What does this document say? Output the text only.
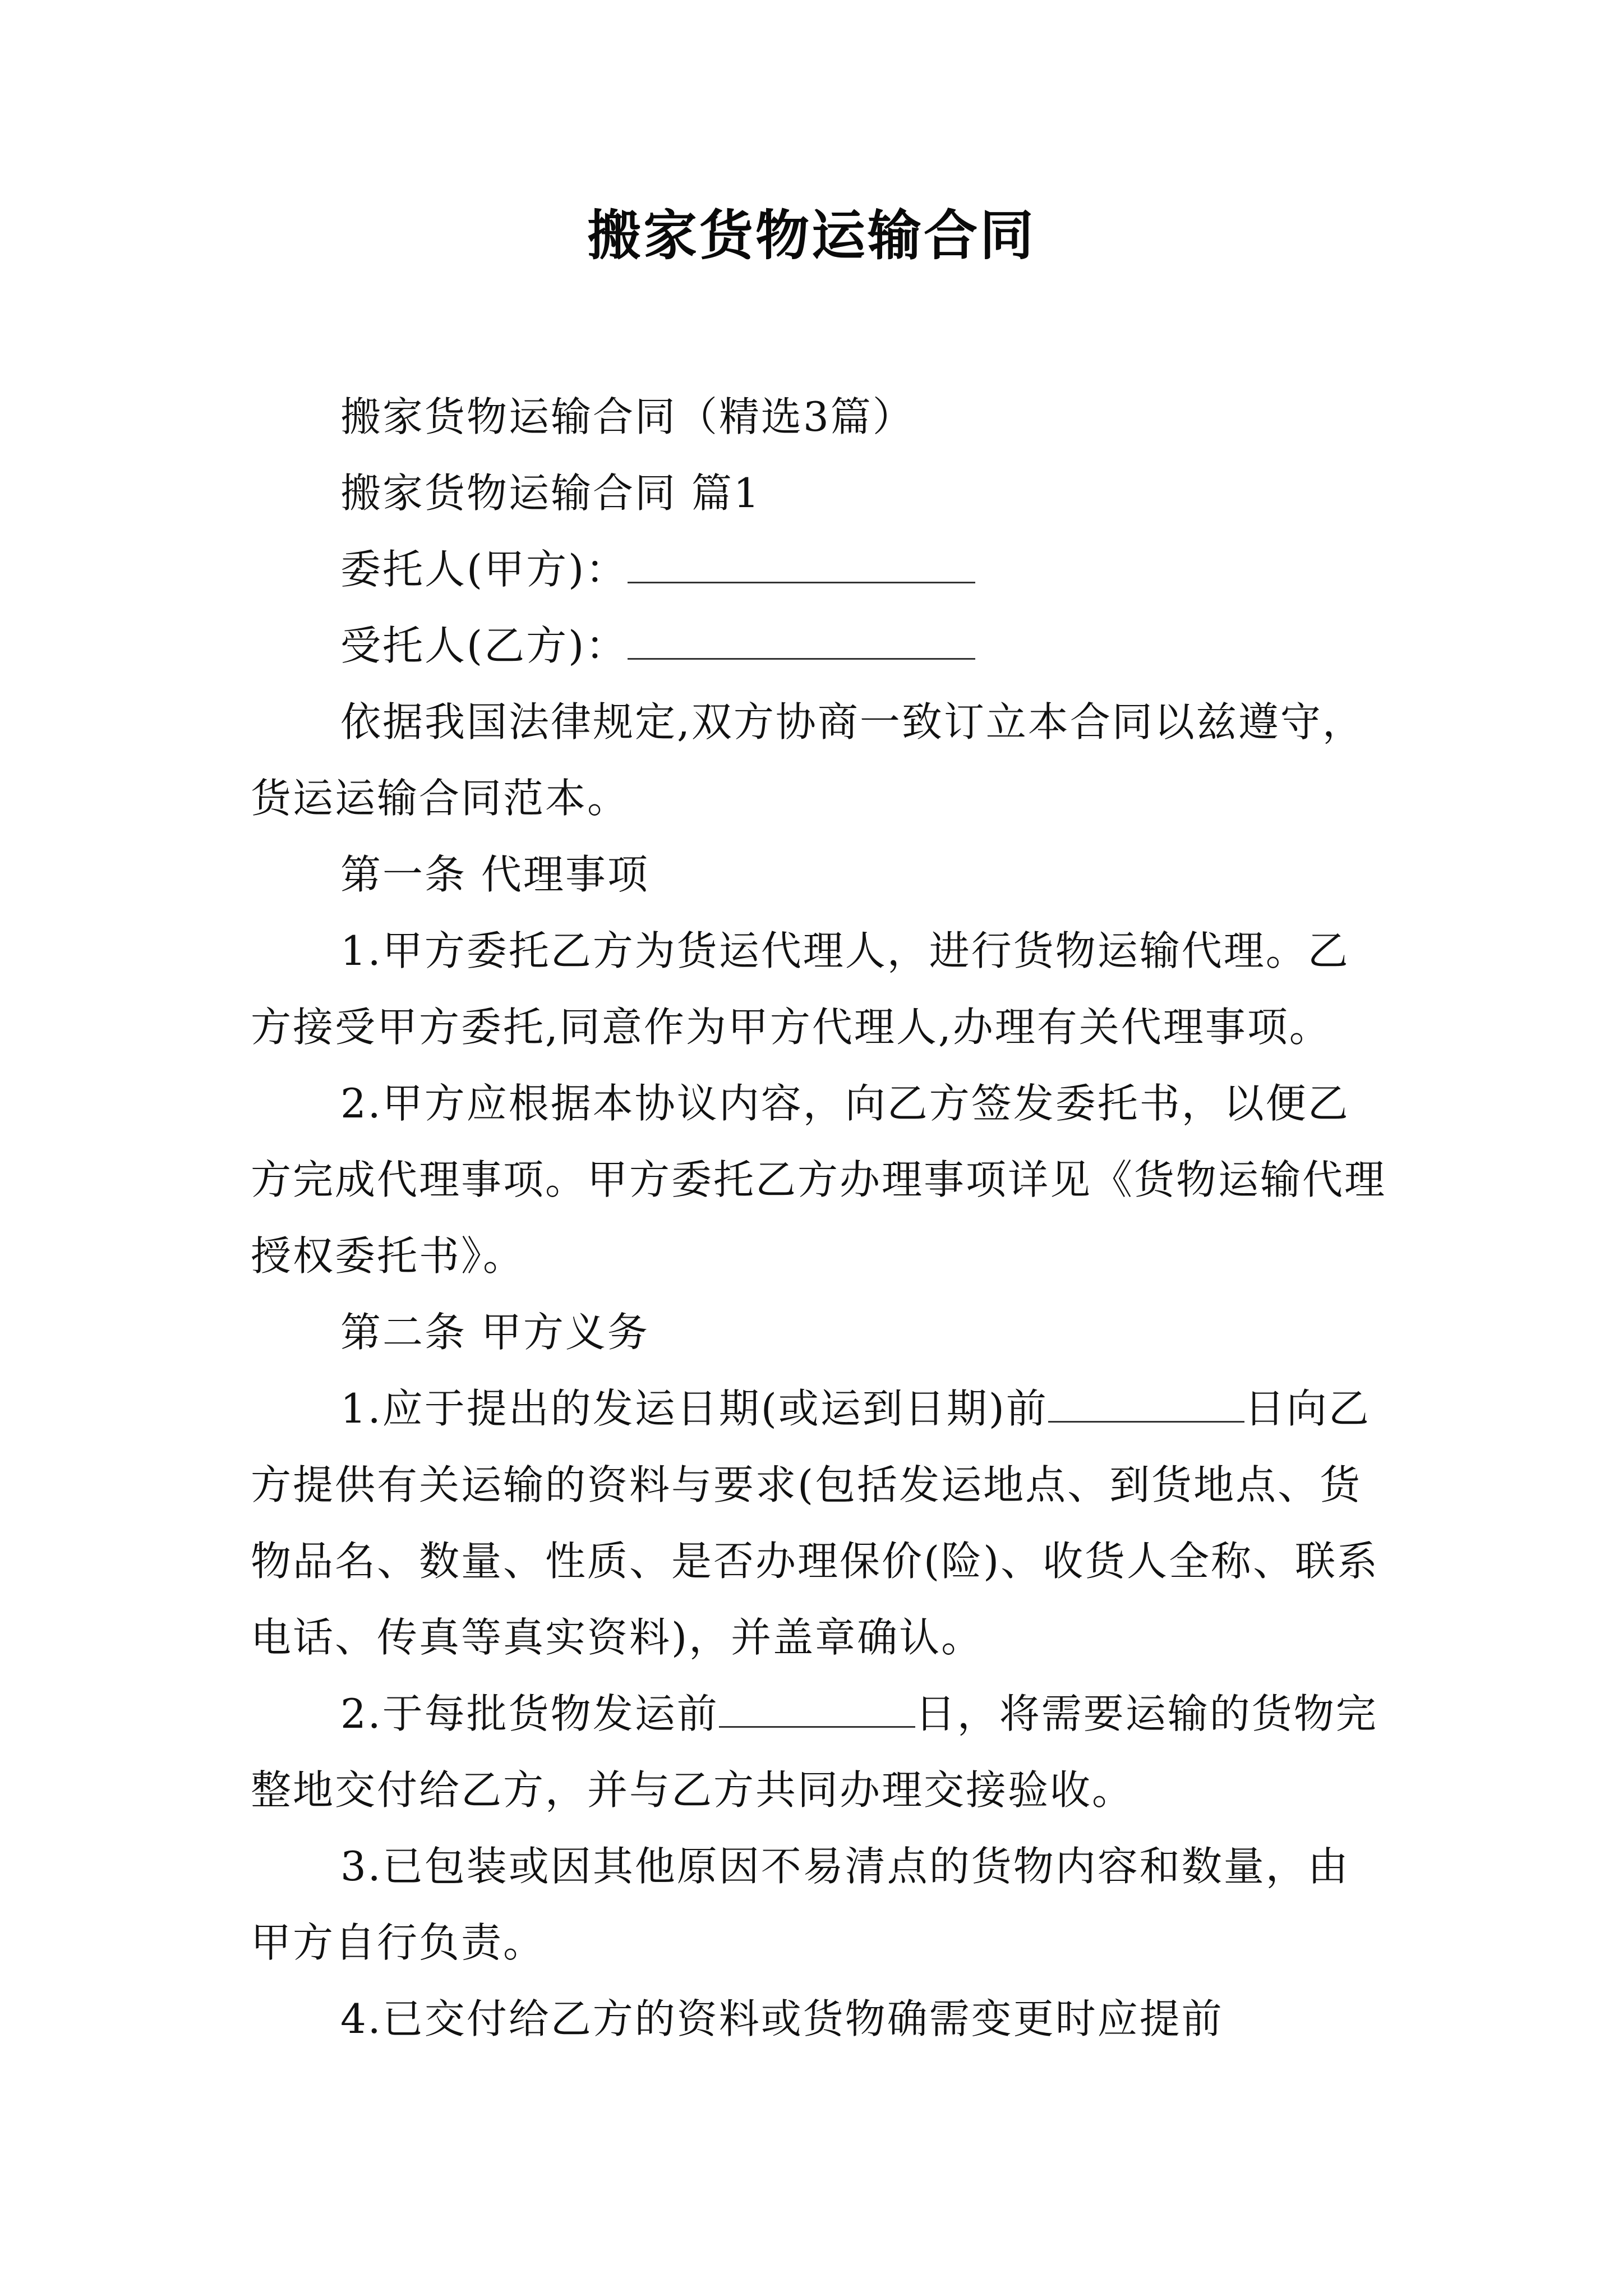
搬家货物运输合同

搬家货物运输合同（精选3篇）

搬家货物运输合同 篇1

委托人(甲方)：

受托人(乙方)：

依据我国法律规定,双方协商一致订立本合同以兹遵守，货运运输合同范本。

第一条 代理事项

1.甲方委托乙方为货运代理人，进行货物运输代理。乙方接受甲方委托,同意作为甲方代理人,办理有关代理事项。

2.甲方应根据本协议内容，向乙方签发委托书，以便乙方完成代理事项。甲方委托乙方办理事项详见《货物运输代理授权委托书》。

第二条 甲方义务

1.应于提出的发运日期(或运到日期)前	日向乙方提供有关运输的资料与要求(包括发运地点、到货地点、货物品名、数量、性质、是否办理保价(险)、收货人全称、联系电话、传真等真实资料)，并盖章确认。

2.于每批货物发运前	日，将需要运输的货物完整地交付给乙方，并与乙方共同办理交接验收。

3.已包装或因其他原因不易清点的货物内容和数量，由甲方自行负责。

4.已交付给乙方的资料或货物确需变更时应提前
